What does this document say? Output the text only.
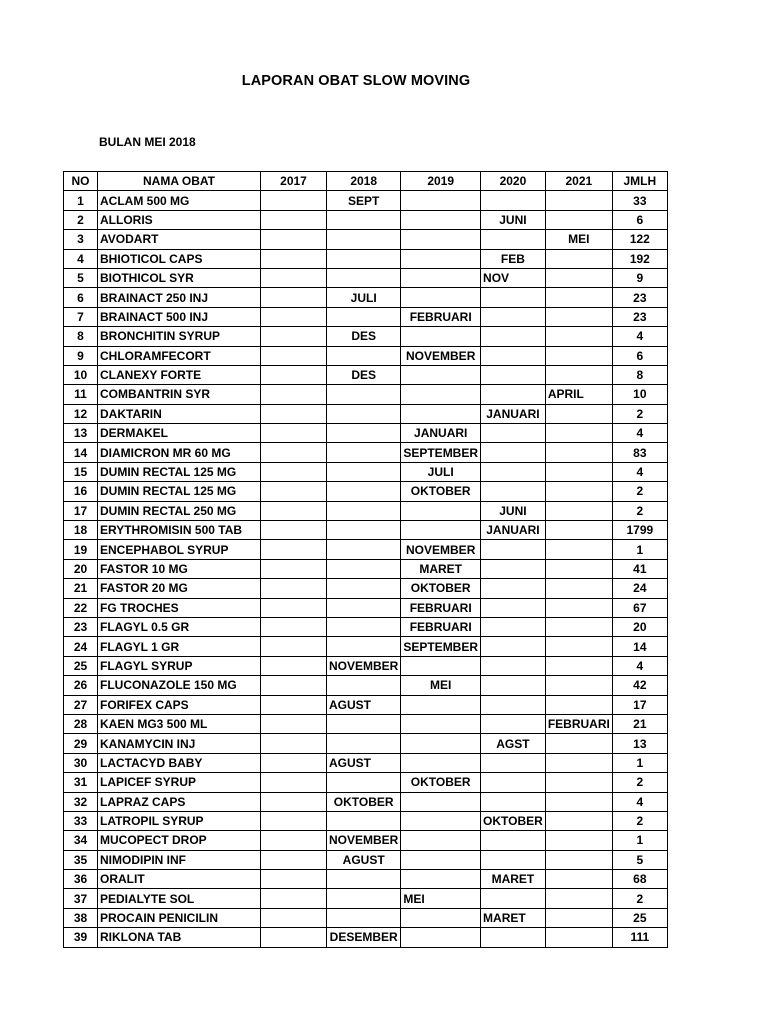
LAPORAN OBAT SLOW MOVING
BULAN MEI 2018
NO	NAMA OBAT	2017	2018	2019	2020	2021	JMLH
1	ACLAM 500 MG		SEPT				33
2	ALLORIS				JUNI		6
3	AVODART					MEI	122
4	BHIOTICOL CAPS				FEB		192
5	BIOTHICOL SYR				NOV		9
6	BRAINACT 250 INJ		JULI				23
7	BRAINACT 500 INJ			FEBRUARI			23
8	BRONCHITIN SYRUP		DES				4
9	CHLORAMFECORT			NOVEMBER			6
10	CLANEXY FORTE		DES				8
11	COMBANTRIN SYR					APRIL	10
12	DAKTARIN				JANUARI		2
13	DERMAKEL			JANUARI			4
14	DIAMICRON MR 60 MG			SEPTEMBER			83
15	DUMIN RECTAL 125 MG			JULI			4
16	DUMIN RECTAL 125 MG			OKTOBER			2
17	DUMIN RECTAL 250 MG				JUNI		2
18	ERYTHROMISIN 500 TAB				JANUARI		1799
19	ENCEPHABOL SYRUP			NOVEMBER			1
20	FASTOR 10 MG			MARET			41
21	FASTOR 20 MG			OKTOBER			24
22	FG TROCHES			FEBRUARI			67
23	FLAGYL 0.5 GR			FEBRUARI			20
24	FLAGYL 1 GR			SEPTEMBER			14
25	FLAGYL SYRUP		NOVEMBER				4
26	FLUCONAZOLE 150 MG			MEI			42
27	FORIFEX CAPS		AGUST				17
28	KAEN MG3 500 ML					FEBRUARI	21
29	KANAMYCIN INJ				AGST		13
30	LACTACYD BABY		AGUST				1
31	LAPICEF SYRUP			OKTOBER			2
32	LAPRAZ CAPS		OKTOBER				4
33	LATROPIL SYRUP				OKTOBER		2
34	MUCOPECT DROP		NOVEMBER				1
35	NIMODIPIN INF		AGUST				5
36	ORALIT				MARET		68
37	PEDIALYTE SOL			MEI			2
38	PROCAIN PENICILIN				MARET		25
39	RIKLONA TAB		DESEMBER				111
